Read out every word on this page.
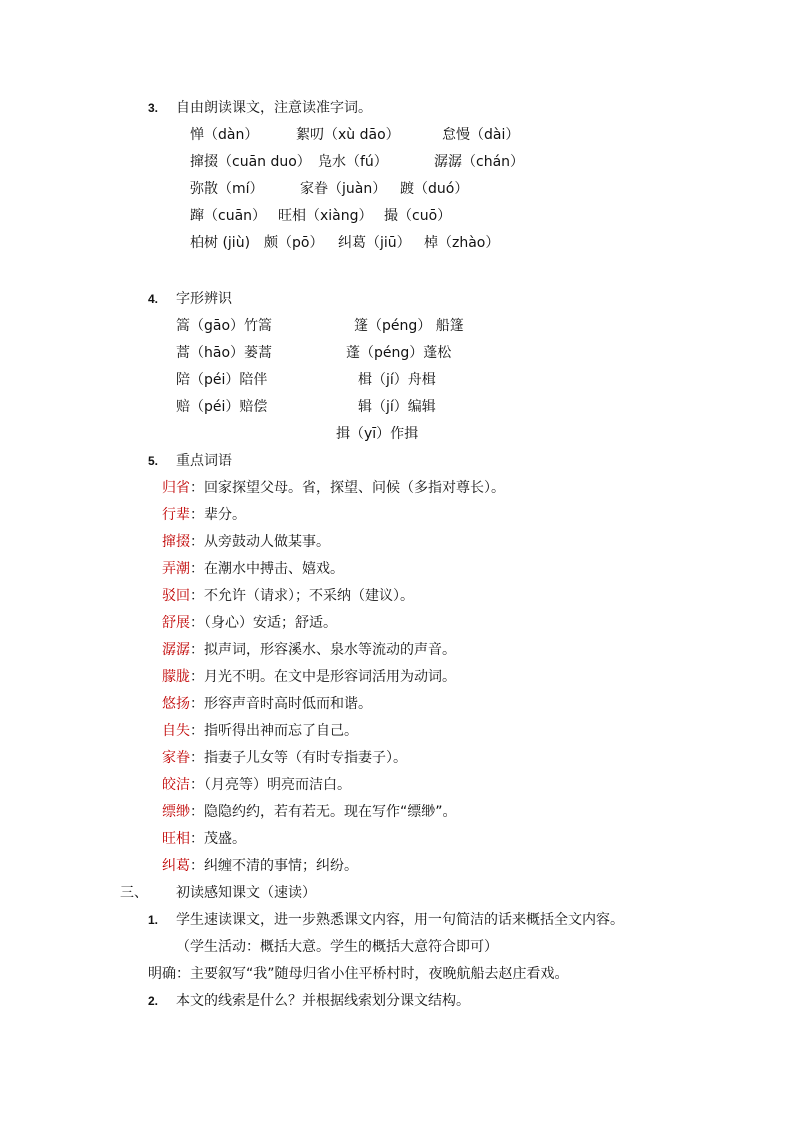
3. 自由朗读课文，注意读准字词。
惮（dàn）	絮叨（xù dāo）	怠慢（dài）
撺掇（cuān duo） 凫水（fú）	潺潺（chán）
弥散（mí）	家眷（juàn） 踱（duó）
蹿（cuān） 旺相（xiàng） 撮（cuō）
柏树 (jiù) 颇（pō） 纠葛（jiū） 棹（zhào）
4. 字形辨识
篙（gāo）竹篙	篷（péng） 船篷
蒿（hāo）蒌蒿	蓬（péng）蓬松
陪（péi）陪伴	楫（jí）舟楫
赔（péi）赔偿	辑（jí）编辑
揖（yī）作揖
5. 重点词语
归省：回家探望父母。省，探望、问候（多指对尊长）。
行辈：辈分。
撺掇：从旁鼓动人做某事。
弄潮：在潮水中搏击、嬉戏。
驳回：不允许（请求）；不采纳（建议）。
舒展：（身心）安适；舒适。
潺潺：拟声词，形容溪水、泉水等流动的声音。
朦胧：月光不明。在文中是形容词活用为动词。
悠扬：形容声音时高时低而和谐。
自失：指听得出神而忘了自己。
家眷：指妻子儿女等（有时专指妻子）。
皎洁：（月亮等）明亮而洁白。
缥缈：隐隐约约，若有若无。现在写作“缥缈”。
旺相：茂盛。
纠葛：纠缠不清的事情；纠纷。
三、 初读感知课文（速读）
1. 学生速读课文，进一步熟悉课文内容，用一句简洁的话来概括全文内容。
（学生活动：概括大意。学生的概括大意符合即可）
明确：主要叙写“我”随母归省小住平桥村时，夜晚航船去赵庄看戏。
2. 本文的线索是什么？并根据线索划分课文结构。
